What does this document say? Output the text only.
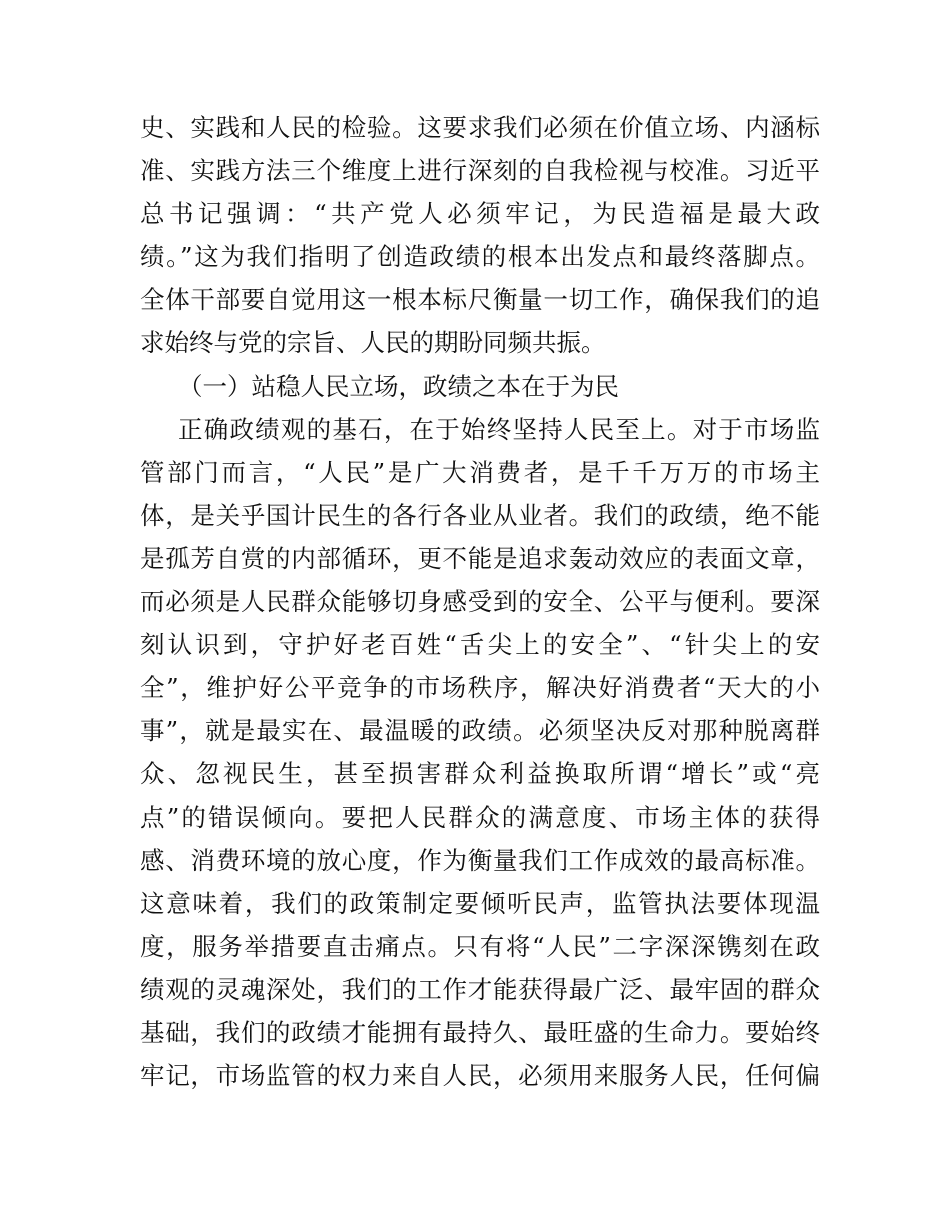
史、实践和人民的检验。这要求我们必须在价值立场、内涵标
准、实践方法三个维度上进行深刻的自我检视与校准。习近平
总书记强调：“共产党人必须牢记，为民造福是最大政
绩。”这为我们指明了创造政绩的根本出发点和最终落脚点。
全体干部要自觉用这一根本标尺衡量一切工作，确保我们的追
求始终与党的宗旨、人民的期盼同频共振。
（一）站稳人民立场，政绩之本在于为民
正确政绩观的基石，在于始终坚持人民至上。对于市场监
管部门而言，“人民”是广大消费者，是千千万万的市场主
体，是关乎国计民生的各行各业从业者。我们的政绩，绝不能
是孤芳自赏的内部循环，更不能是追求轰动效应的表面文章，
而必须是人民群众能够切身感受到的安全、公平与便利。要深
刻认识到，守护好老百姓“舌尖上的安全”、“针尖上的安
全”，维护好公平竞争的市场秩序，解决好消费者“天大的小
事”，就是最实在、最温暖的政绩。必须坚决反对那种脱离群
众、忽视民生，甚至损害群众利益换取所谓“增长”或“亮
点”的错误倾向。要把人民群众的满意度、市场主体的获得
感、消费环境的放心度，作为衡量我们工作成效的最高标准。
这意味着，我们的政策制定要倾听民声，监管执法要体现温
度，服务举措要直击痛点。只有将“人民”二字深深镌刻在政
绩观的灵魂深处，我们的工作才能获得最广泛、最牢固的群众
基础，我们的政绩才能拥有最持久、最旺盛的生命力。要始终
牢记，市场监管的权力来自人民，必须用来服务人民，任何偏
